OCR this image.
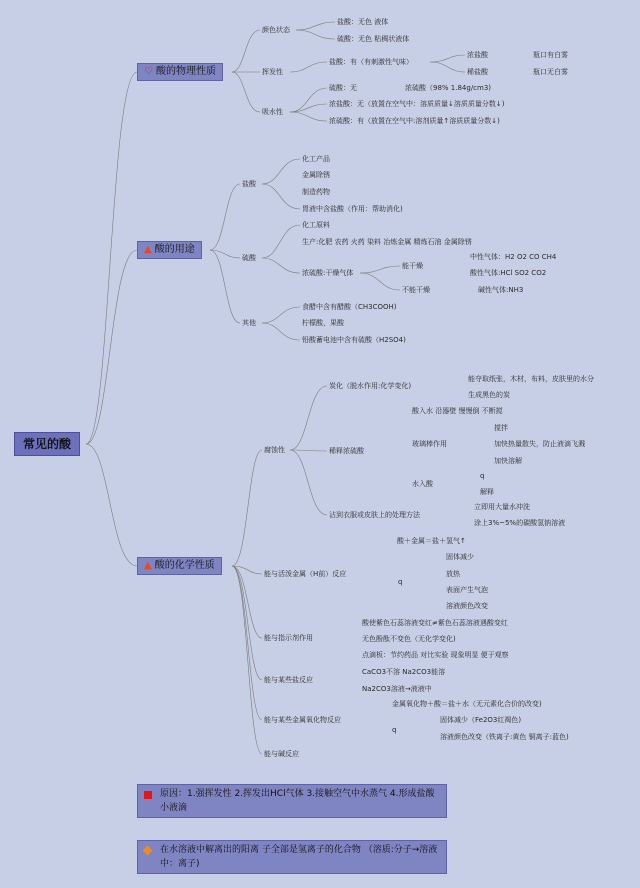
常见的酸
♡ 酸的物理性质
颜色状态
盐酸：无色 液体
硫酸：无色 粘稠状液体
挥发性
盐酸：有（有刺激性气味）
浓盐酸
稀盐酸
瓶口有白雾
瓶口无白雾
吸水性
硫酸：无	浓硫酸（98% 1.84g/cm3)
浓盐酸：无（放置在空气中：溶质质量↓溶质质量分数↓)
浓硫酸：有（放置在空气中:溶剂质量↑溶质质量分数↓)
▲ 酸的用途
盐酸
化工产品
金属除锈
制造药物
胃液中含盐酸（作用：帮助消化)
硫酸
化工原料
生产:化肥 农药 火药 染料 冶炼金属 精炼石油 金属除锈
浓硫酸:干燥气体
能干燥
不能干燥
中性气体：H2 O2 CO CH4
酸性气体:HCl SO2 CO2
碱性气体:NH3
其他
食醋中含有醋酸（CH3COOH)
柠檬酸，果酸
铅酸蓄电池中含有硫酸（H2SO4)
▲ 酸的化学性质
腐蚀性
炭化（脱水作用:化学变化)
能夺取纸张，木材，布料，皮肤里的水分
生成黑色的炭
稀释浓硫酸
酸入水 沿器壁 慢慢倒 不断搅
玻璃棒作用
搅拌
加快热量散失，防止液滴飞溅
加快溶解
q
水入酸
解释
沾到衣服或皮肤上的处理方法
立即用大量水冲洗
涂上3%~5%的碳酸氢钠溶液
能与活泼金属（H前）反应
酸＋金属＝盐＋氢气↑
q
固体减少
放热
表面产生气泡
溶液颜色改变
能与指示剂作用
酸使紫色石蕊溶液变红≠紫色石蕊溶液遇酸变红
无色酚酞不变色（无化学变化)
点滴板：节约药品 对比实验 现象明显 便于观察
能与某些盐反应
CaCO3不溶 Na2CO3能溶
Na2CO3溶液→液液中
能与某些金属氧化物反应
金属氧化物＋酸＝盐＋水（无元素化合价的改变)
q
固体减少（Fe2O3红褐色)
溶液颜色改变（铁离子:黄色 铜离子:蓝色)
能与碱反应
原因：1.强挥发性 2.挥发出HCl气体 3.接触空气中水蒸气 4.形成盐酸小液滴
在水溶液中解离出的阳离 子全部是氢离子的化合物 （溶质:分子→溶液中：离子)
